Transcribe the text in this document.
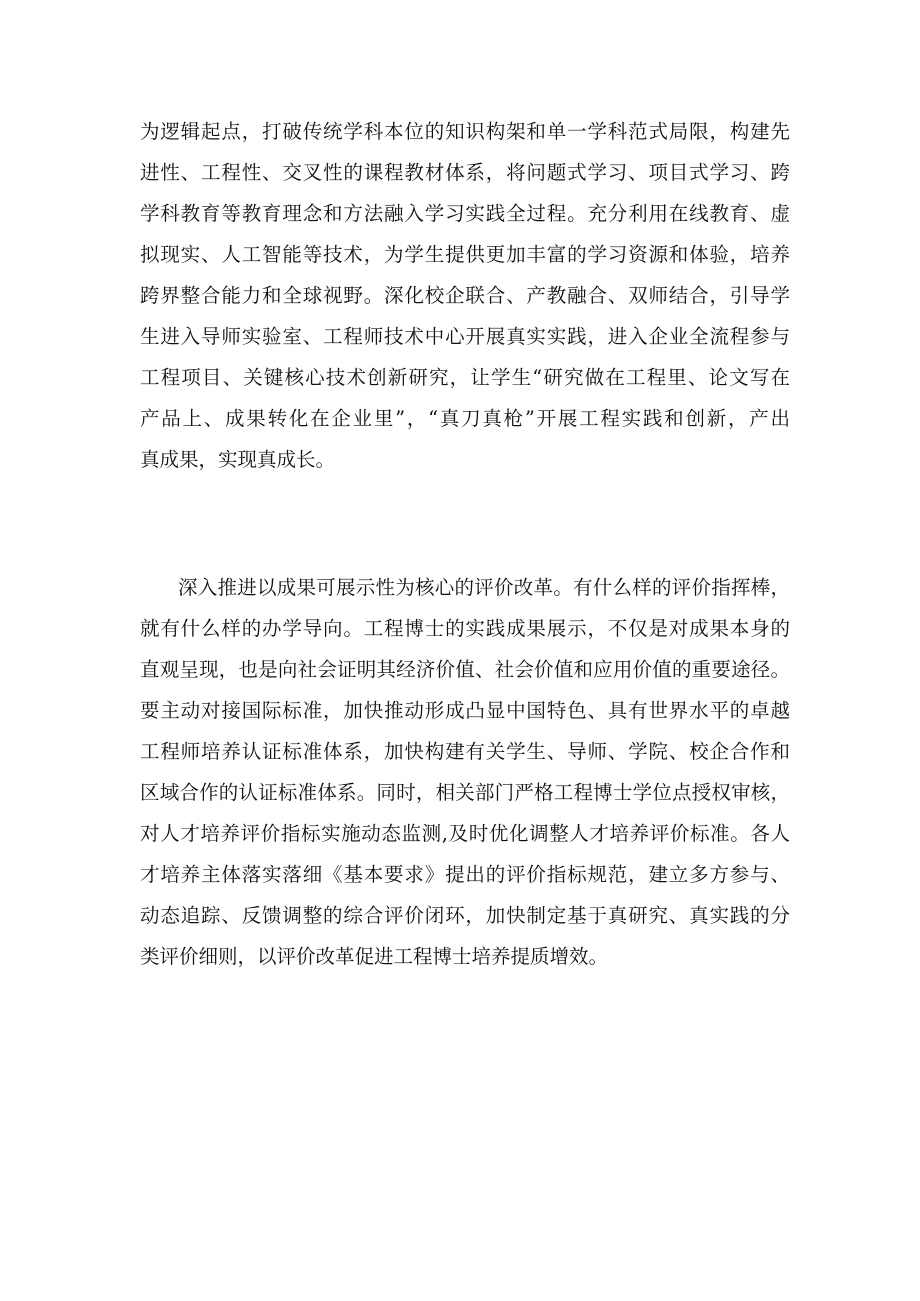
为逻辑起点，打破传统学科本位的知识构架和单一学科范式局限，构建先
进性、工程性、交叉性的课程教材体系，将问题式学习、项目式学习、跨
学科教育等教育理念和方法融入学习实践全过程。充分利用在线教育、虚
拟现实、人工智能等技术，为学生提供更加丰富的学习资源和体验，培养
跨界整合能力和全球视野。深化校企联合、产教融合、双师结合，引导学
生进入导师实验室、工程师技术中心开展真实实践，进入企业全流程参与
工程项目、关键核心技术创新研究，让学生“研究做在工程里、论文写在
产品上、成果转化在企业里”，“真刀真枪”开展工程实践和创新，产出
真成果，实现真成长。
深入推进以成果可展示性为核心的评价改革。有什么样的评价指挥棒，
就有什么样的办学导向。工程博士的实践成果展示，不仅是对成果本身的
直观呈现，也是向社会证明其经济价值、社会价值和应用价值的重要途径。
要主动对接国际标准，加快推动形成凸显中国特色、具有世界水平的卓越
工程师培养认证标准体系，加快构建有关学生、导师、学院、校企合作和
区域合作的认证标准体系。同时，相关部门严格工程博士学位点授权审核，
对人才培养评价指标实施动态监测,及时优化调整人才培养评价标准。各人
才培养主体落实落细《基本要求》提出的评价指标规范，建立多方参与、
动态追踪、反馈调整的综合评价闭环，加快制定基于真研究、真实践的分
类评价细则，以评价改革促进工程博士培养提质增效。
